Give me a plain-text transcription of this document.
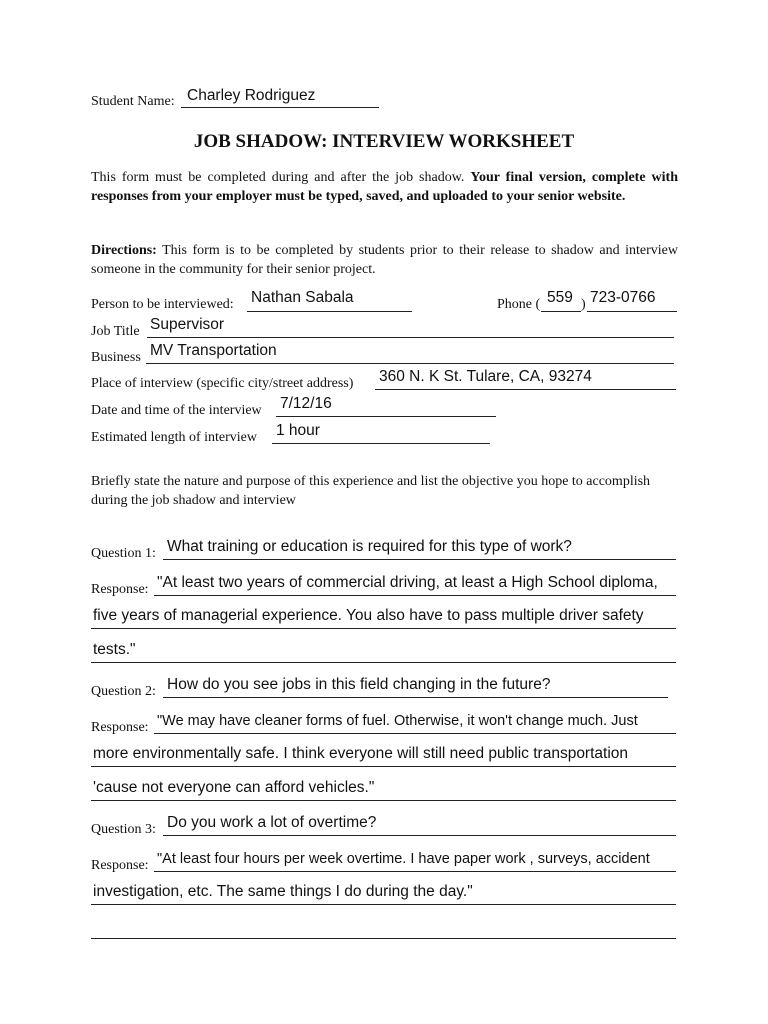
Student Name: Charley Rodriguez
JOB SHADOW: INTERVIEW WORKSHEET
This form must be completed during and after the job shadow. Your final version, complete with responses from your employer must be typed, saved, and uploaded to your senior website.
Directions: This form is to be completed by students prior to their release to shadow and interview someone in the community for their senior project.
Person to be interviewed: Nathan Sabala	Phone ( 559 ) 723-0766
Job Title Supervisor
Business MV Transportation
Place of interview (specific city/street address) 360 N. K St. Tulare, CA, 93274
Date and time of the interview 7/12/16
Estimated length of interview 1 hour
Briefly state the nature and purpose of this experience and list the objective you hope to accomplish during the job shadow and interview
Question 1: What training or education is required for this type of work?
Response: "At least two years of commercial driving, at least a High School diploma,
five years of managerial experience. You also have to pass multiple driver safety
tests."
Question 2: How do you see jobs in this field changing in the future?
Response: "We may have cleaner forms of fuel. Otherwise, it won't change much. Just
more environmentally safe. I think everyone will still need public transportation
'cause not everyone can afford vehicles."
Question 3: Do you work a lot of overtime?
Response: "At least four hours per week overtime. I have paper work , surveys, accident
investigation, etc. The same things I do during the day."
